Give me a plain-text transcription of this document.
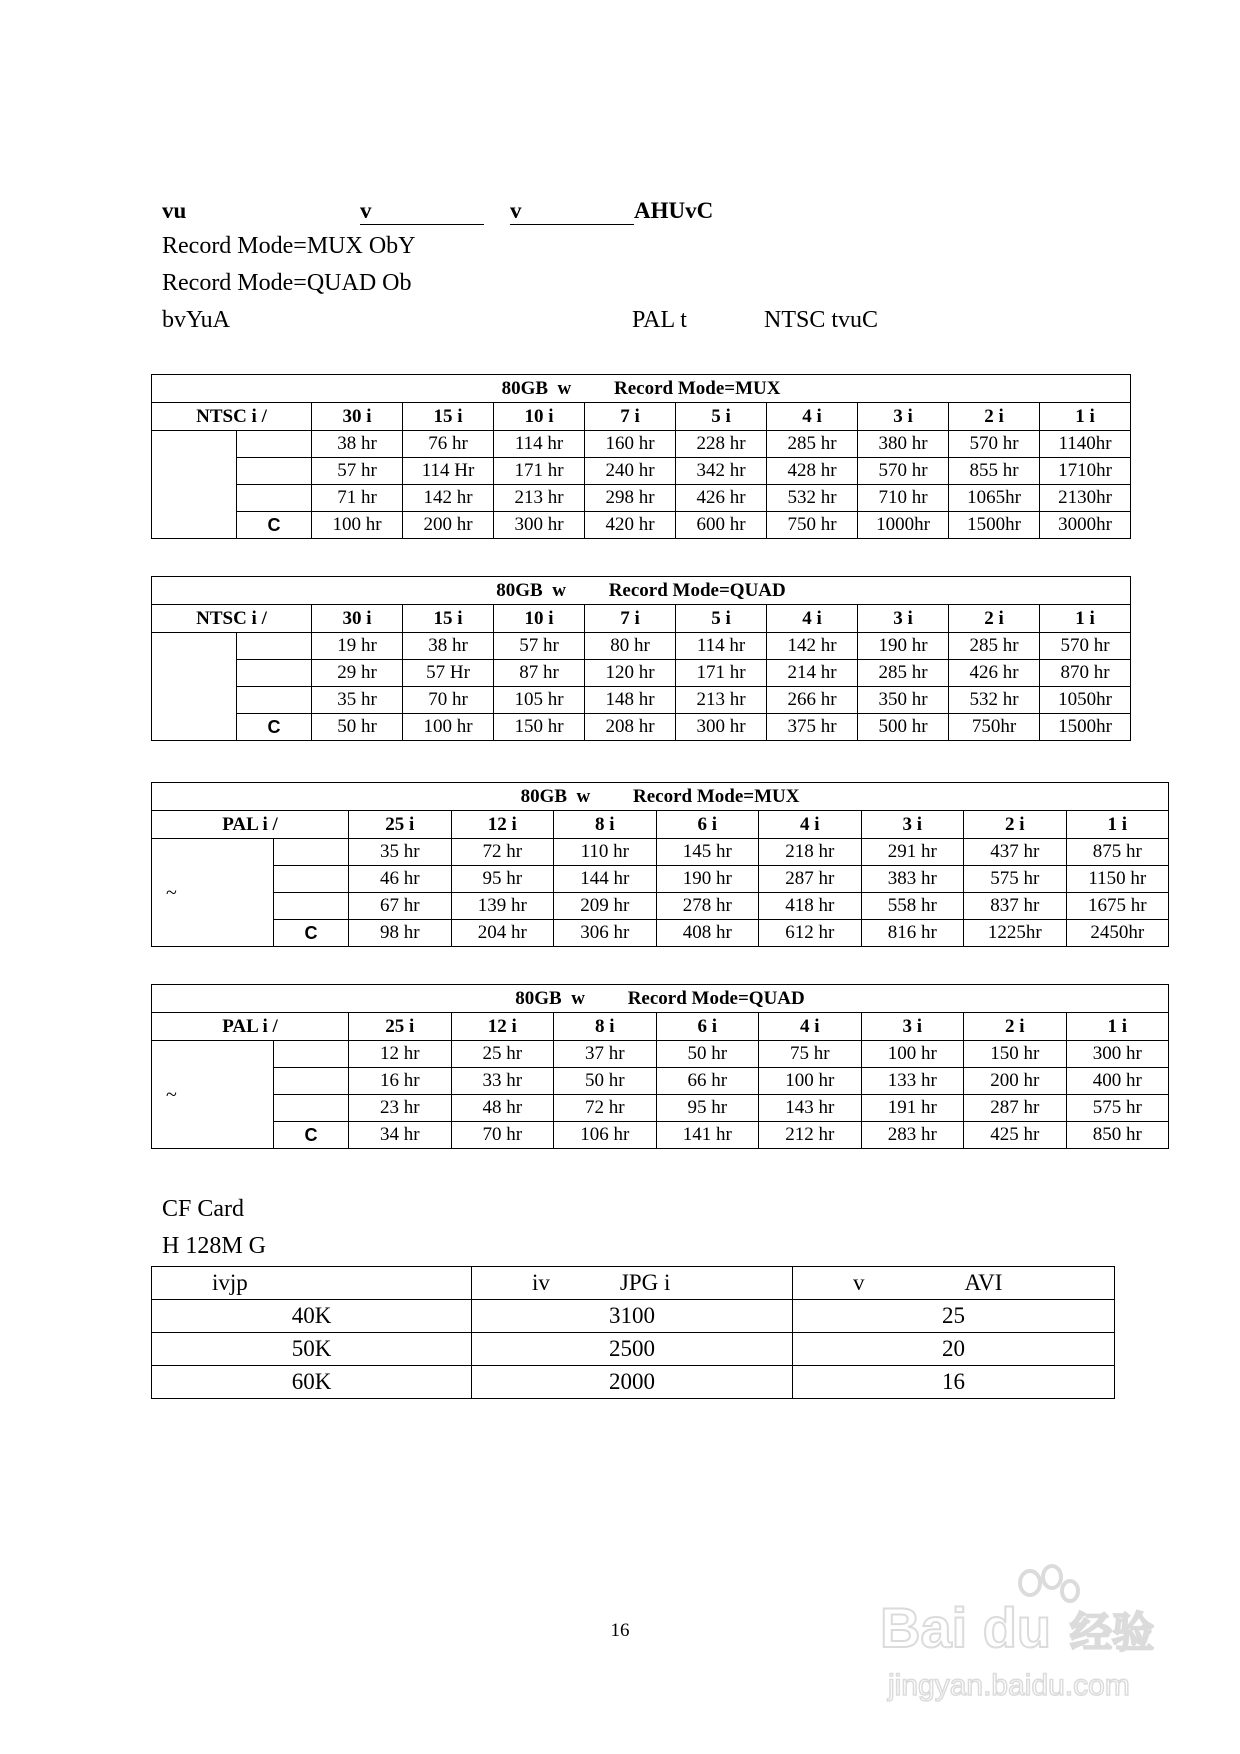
vu	v	v	AHUvC
Record Mode=MUX ObY
Record Mode=QUAD Ob
bvYuA	PAL t	NTSC tvuC
80GB w Record Mode=MUX										
NTSC i /		30 i	15 i	10 i	7 i	5 i	4 i	3 i	2 i	1 i
		38 hr	76 hr	114 hr	160 hr	228 hr	285 hr	380 hr	570 hr	1140hr
		57 hr	114 Hr	171 hr	240 hr	342 hr	428 hr	570 hr	855 hr	1710hr
		71 hr	142 hr	213 hr	298 hr	426 hr	532 hr	710 hr	1065hr	2130hr
	C	100 hr	200 hr	300 hr	420 hr	600 hr	750 hr	1000hr	1500hr	3000hr
80GB w Record Mode=QUAD										
NTSC i /		30 i	15 i	10 i	7 i	5 i	4 i	3 i	2 i	1 i
		19 hr	38 hr	57 hr	80 hr	114 hr	142 hr	190 hr	285 hr	570 hr
		29 hr	57 Hr	87 hr	120 hr	171 hr	214 hr	285 hr	426 hr	870 hr
		35 hr	70 hr	105 hr	148 hr	213 hr	266 hr	350 hr	532 hr	1050hr
	C	50 hr	100 hr	150 hr	208 hr	300 hr	375 hr	500 hr	750hr	1500hr
80GB w Record Mode=MUX									
PAL i /		25 i	12 i	8 i	6 i	4 i	3 i	2 i	1 i
~		35 hr	72 hr	110 hr	145 hr	218 hr	291 hr	437 hr	875 hr
		46 hr	95 hr	144 hr	190 hr	287 hr	383 hr	575 hr	1150 hr
		67 hr	139 hr	209 hr	278 hr	418 hr	558 hr	837 hr	1675 hr
	C	98 hr	204 hr	306 hr	408 hr	612 hr	816 hr	1225hr	2450hr
80GB w Record Mode=QUAD									
PAL i /		25 i	12 i	8 i	6 i	4 i	3 i	2 i	1 i
~		12 hr	25 hr	37 hr	50 hr	75 hr	100 hr	150 hr	300 hr
		16 hr	33 hr	50 hr	66 hr	100 hr	133 hr	200 hr	400 hr
		23 hr	48 hr	72 hr	95 hr	143 hr	191 hr	287 hr	575 hr
	C	34 hr	70 hr	106 hr	141 hr	212 hr	283 hr	425 hr	850 hr
CF Card
H 128M G
ivjp	iv JPG i	v AVI
40K	3100	25
50K	2500	20
60K	2000	16
16	Bai du 经验
jingyan.baidu.com
